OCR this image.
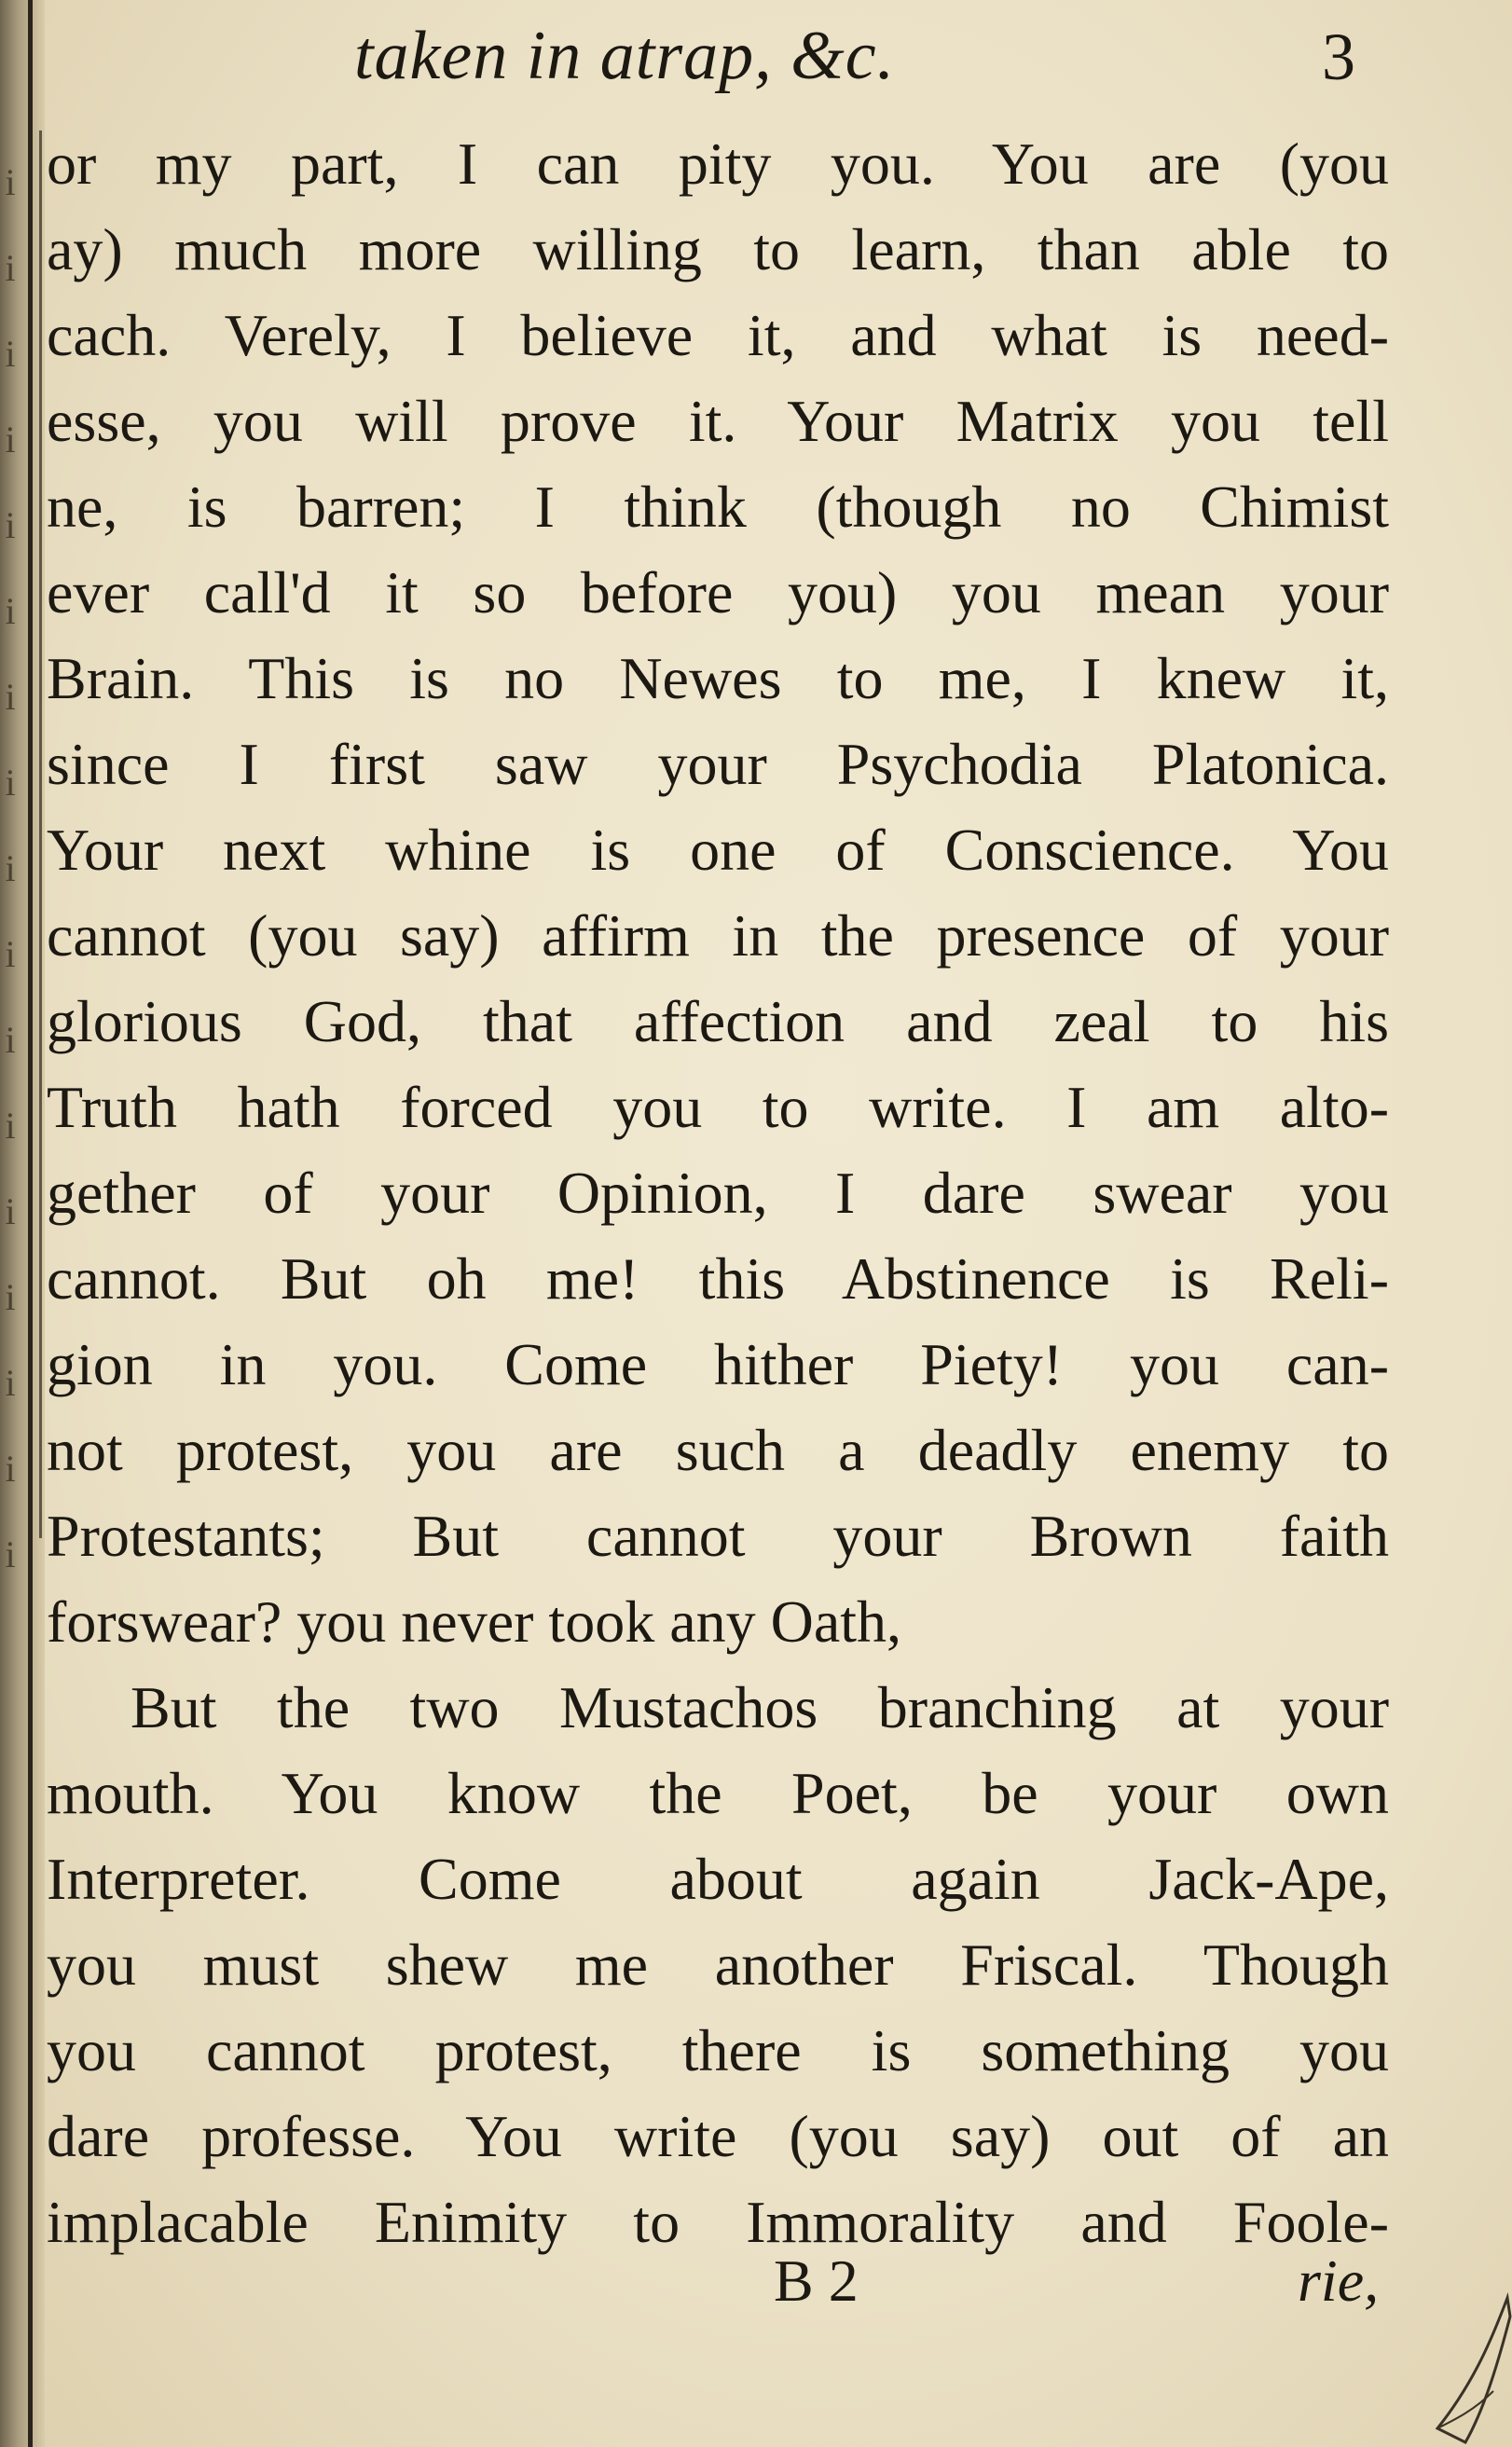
i
i
i
i
i
i
i
i
i
i
i
i
i
i
i
i
i
taken in atrap, &c.	3
or my part, I can pity you. You are (you
ay) much more willing to learn, than able to
cach. Verely, I believe it, and what is need-
esse, you will prove it. Your Matrix you tell
ne, is barren; I think (though no Chimist
ever call'd it so before you) you mean your
Brain. This is no Newes to me, I knew it,
since I first saw your Psychodia Platonica.
Your next whine is one of Conscience. You
cannot (you say) affirm in the presence of your
glorious God, that affection and zeal to his
Truth hath forced you to write. I am alto-
gether of your Opinion, I dare swear you
cannot. But oh me! this Abstinence is Reli-
gion in you. Come hither Piety! you can-
not protest, you are such a deadly enemy to
Protestants; But cannot your Brown faith
forswear? you never took any Oath,
But the two Mustachos branching at your
mouth. You know the Poet, be your own
Interpreter. Come about again Jack-Ape,
you must shew me another Friscal. Though
you cannot protest, there is something you
dare professe. You write (you say) out of an
implacable Enimity to Immorality and Foole-
B 2	rie,
